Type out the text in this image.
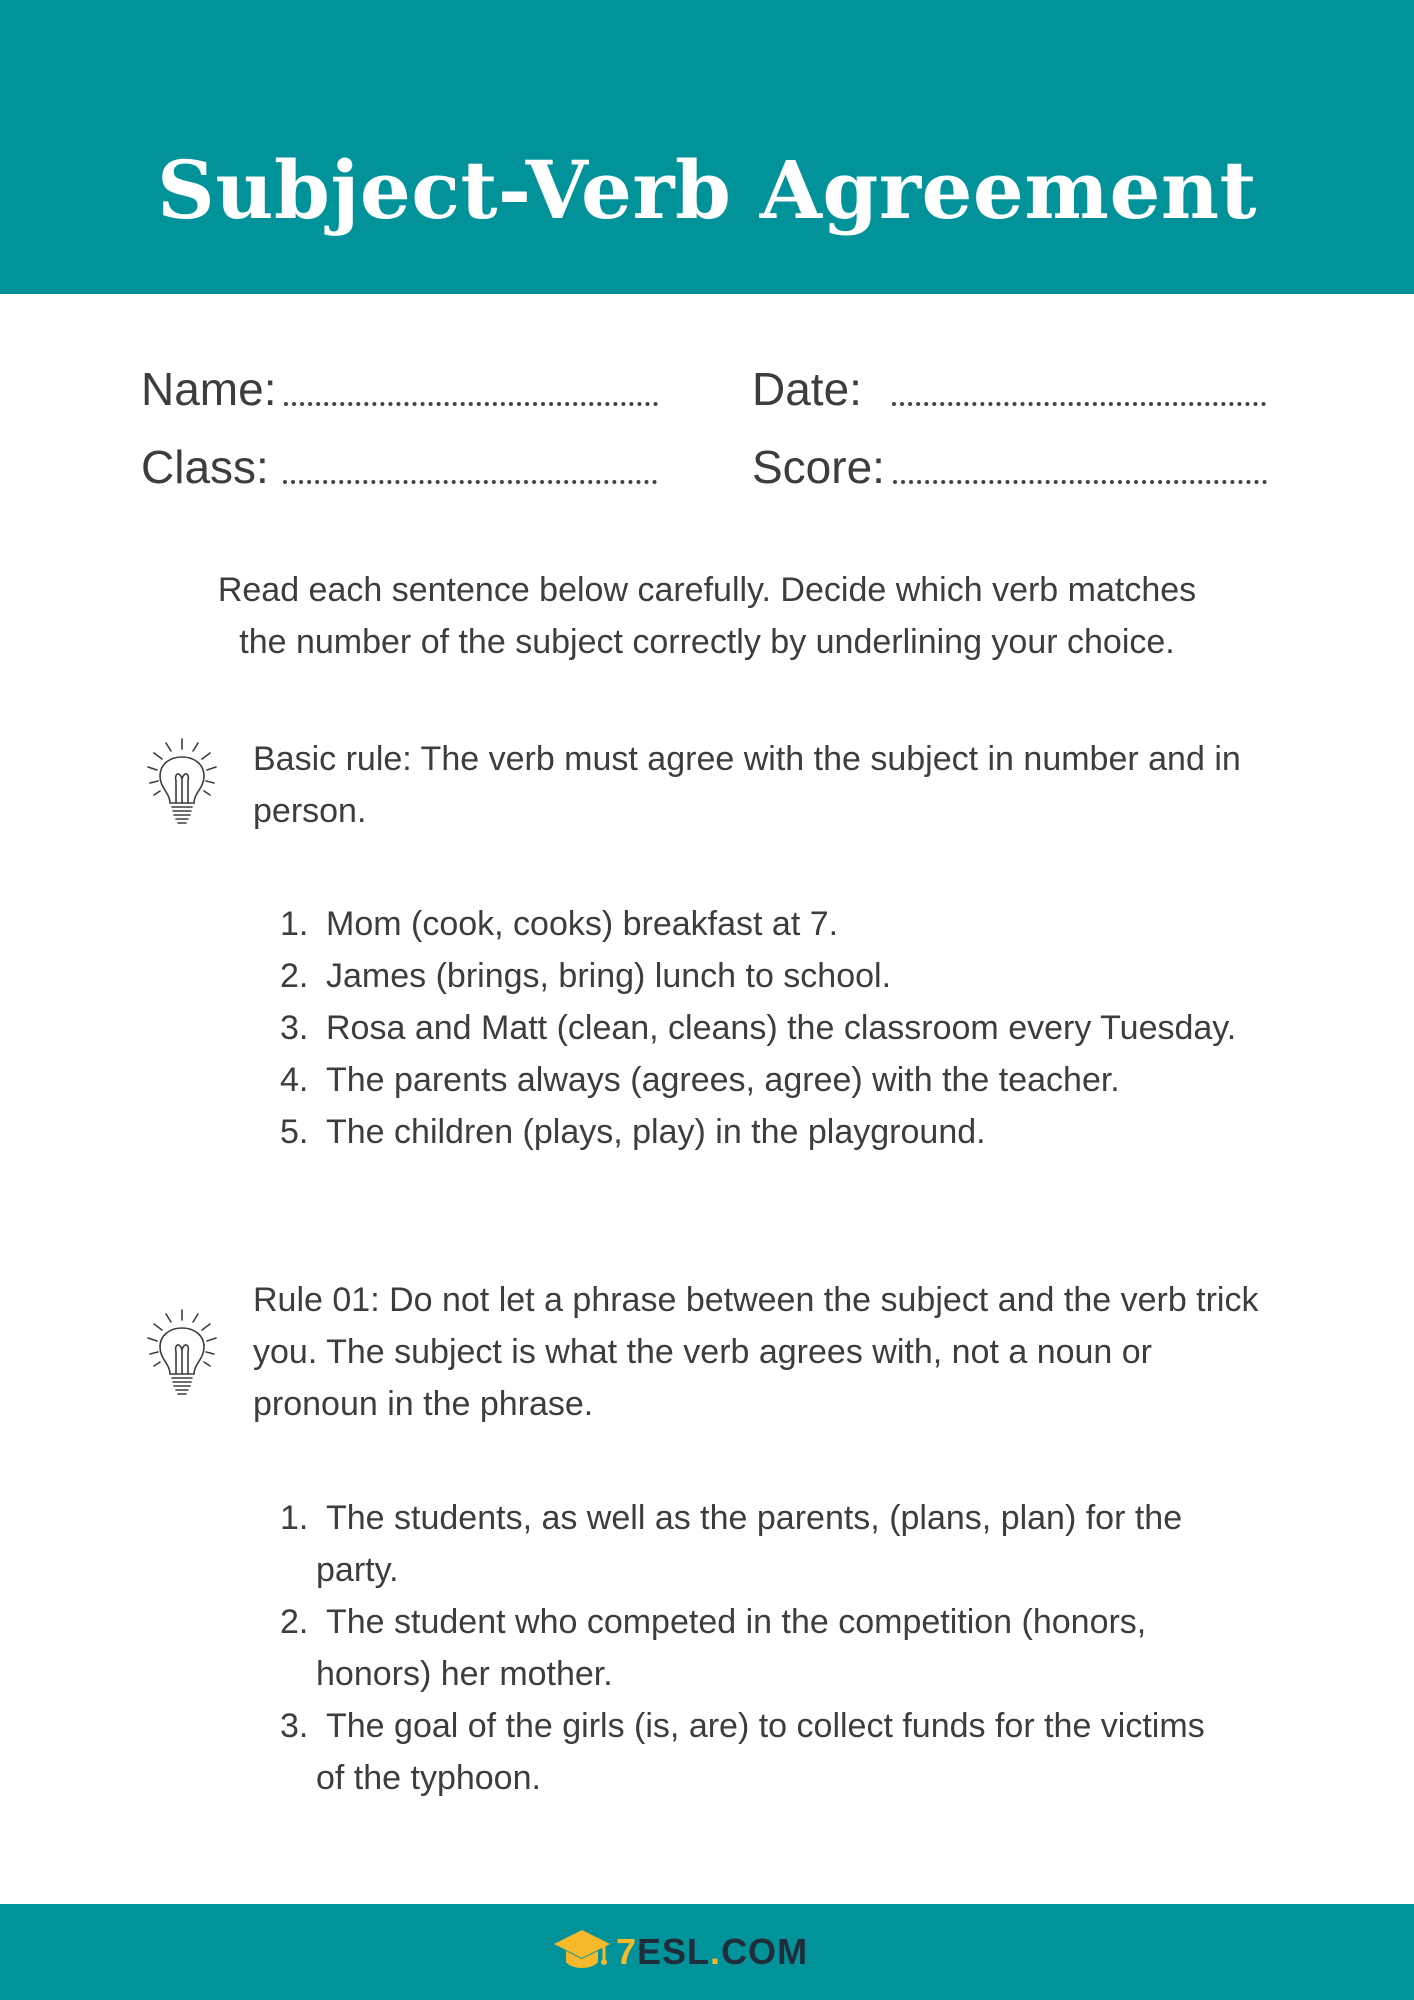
Subject-Verb Agreement
Name:
Class:
Date:
Score:

Read each sentence below carefully. Decide which verb matches
the number of the subject correctly by underlining your choice.

Basic rule: The verb must agree with the subject in number and in person.

1. Mom (cook, cooks) breakfast at 7.
2. James (brings, bring) lunch to school.
3. Rosa and Matt (clean, cleans) the classroom every Tuesday.
4. The parents always (agrees, agree) with the teacher.
5. The children (plays, play) in the playground.

Rule 01: Do not let a phrase between the subject and the verb trick you. The subject is what the verb agrees with, not a noun or pronoun in the phrase.

1. The students, as well as the parents, (plans, plan) for the party.
2. The student who competed in the competition (honors, honors) her mother.
3. The goal of the girls (is, are) to collect funds for the victims of the typhoon.
7ESL.COM
